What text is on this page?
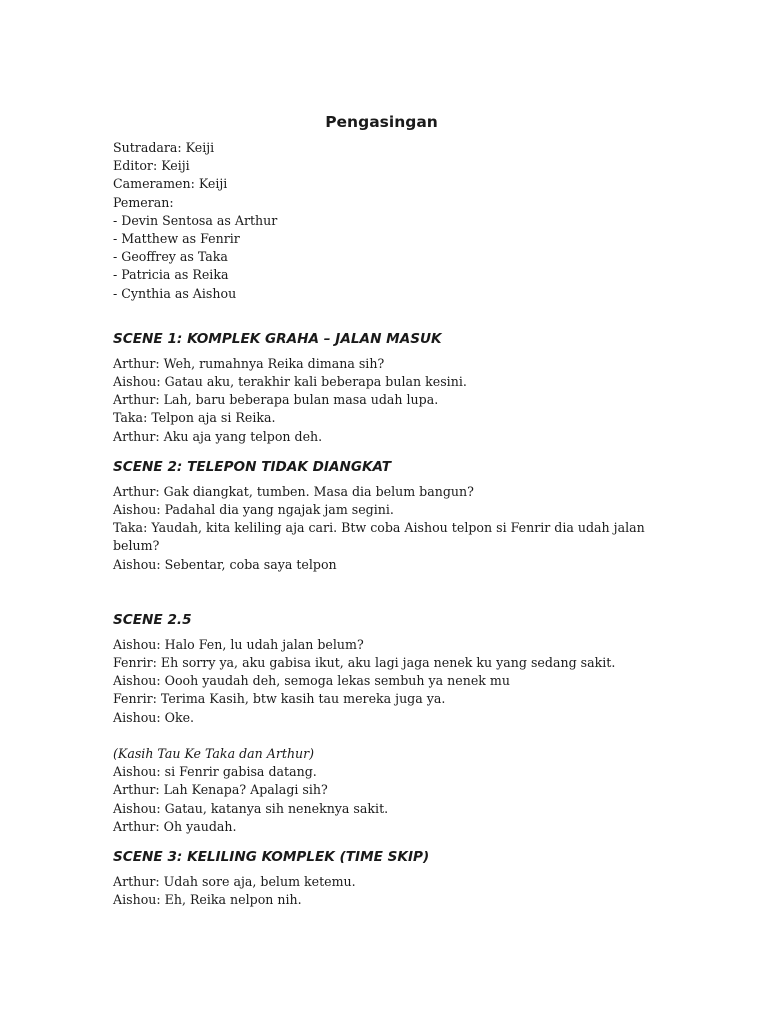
Pengasingan
Sutradara: Keiji
Editor: Keiji
Cameramen: Keiji
Pemeran:
- Devin Sentosa as Arthur
- Matthew as Fenrir
- Geoffrey as Taka
- Patricia as Reika
- Cynthia as Aishou
SCENE 1: KOMPLEK GRAHA – JALAN MASUK
Arthur: Weh, rumahnya Reika dimana sih?
Aishou: Gatau aku, terakhir kali beberapa bulan kesini.
Arthur: Lah, baru beberapa bulan masa udah lupa.
Taka: Telpon aja si Reika.
Arthur: Aku aja yang telpon deh.
SCENE 2: TELEPON TIDAK DIANGKAT
Arthur: Gak diangkat, tumben. Masa dia belum bangun?
Aishou: Padahal dia yang ngajak jam segini.
Taka: Yaudah, kita keliling aja cari. Btw coba Aishou telpon si Fenrir dia udah jalan belum?
Aishou: Sebentar, coba saya telpon
SCENE 2.5
Aishou: Halo Fen, lu udah jalan belum?
Fenrir: Eh sorry ya, aku gabisa ikut, aku lagi jaga nenek ku yang sedang sakit.
Aishou: Oooh yaudah deh, semoga lekas sembuh ya nenek mu
Fenrir: Terima Kasih, btw kasih tau mereka juga ya.
Aishou: Oke.
(Kasih Tau Ke Taka dan Arthur)
Aishou: si Fenrir gabisa datang.
Arthur: Lah Kenapa? Apalagi sih?
Aishou: Gatau, katanya sih neneknya sakit.
Arthur: Oh yaudah.
SCENE 3: KELILING KOMPLEK (TIME SKIP)
Arthur: Udah sore aja, belum ketemu.
Aishou: Eh, Reika nelpon nih.
